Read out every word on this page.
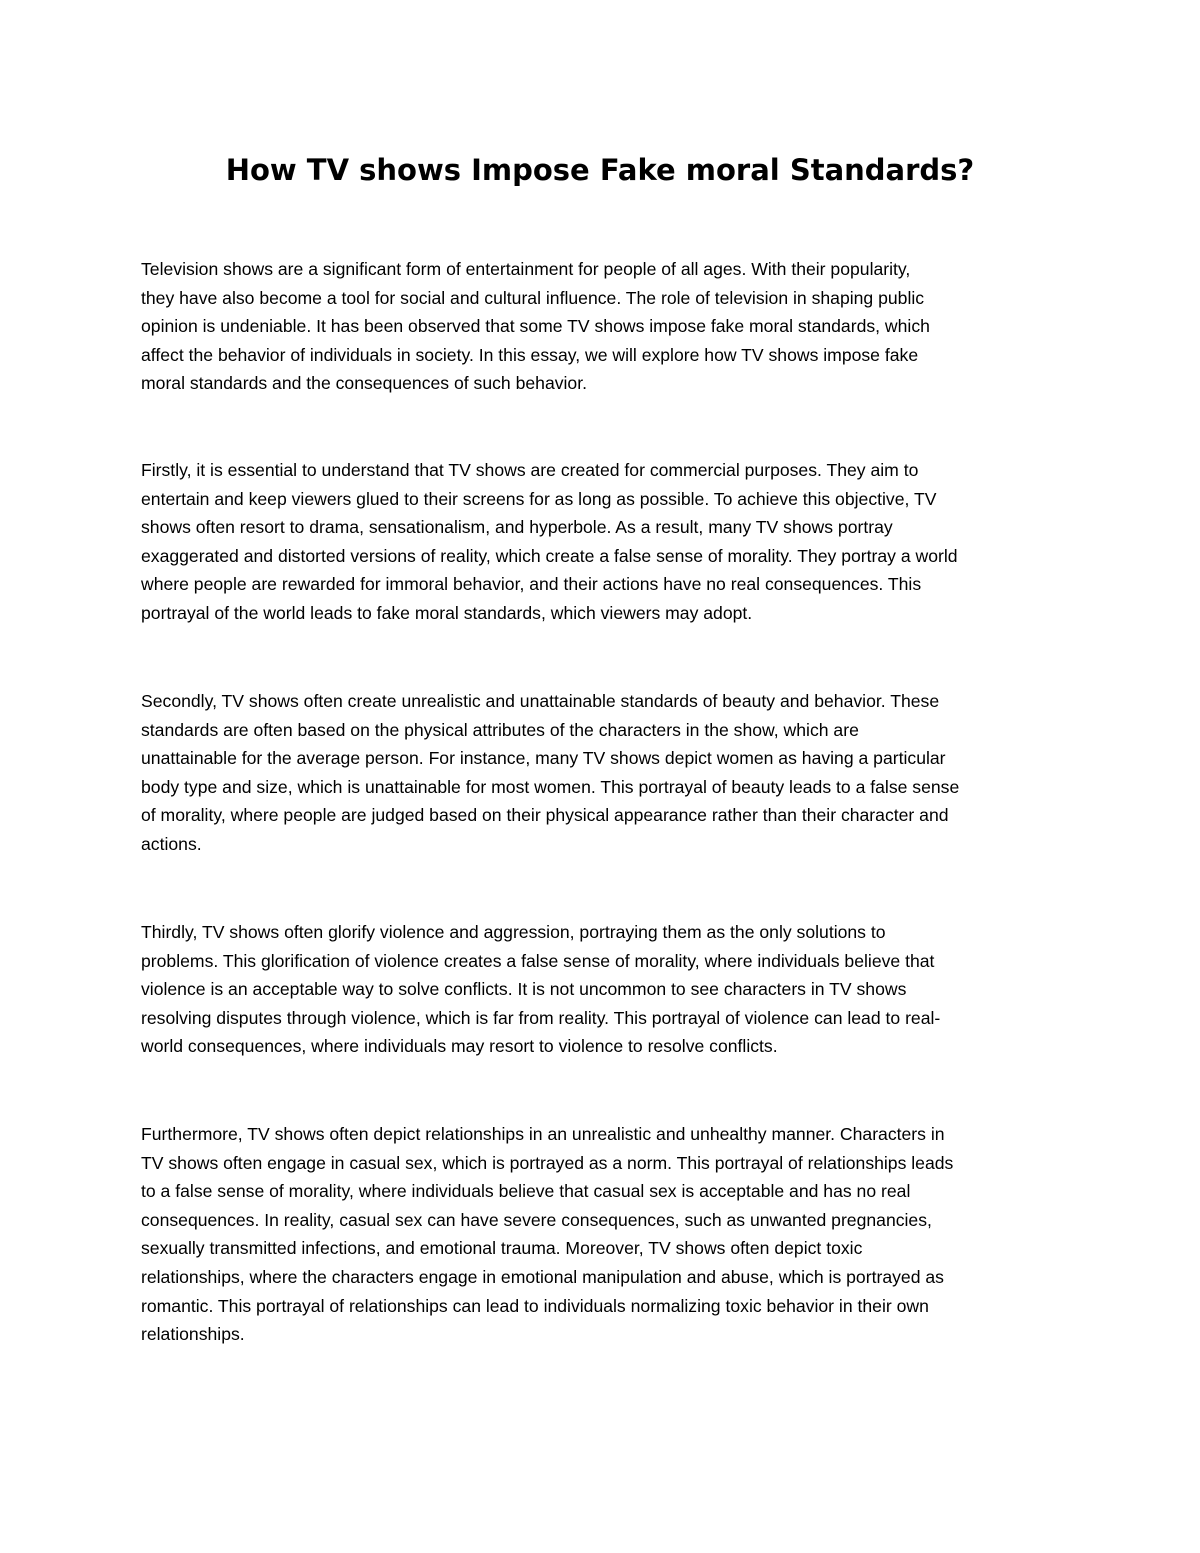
How TV shows Impose Fake moral Standards?

Television shows are a significant form of entertainment for people of all ages. With their popularity,
they have also become a tool for social and cultural influence. The role of television in shaping public
opinion is undeniable. It has been observed that some TV shows impose fake moral standards, which
affect the behavior of individuals in society. In this essay, we will explore how TV shows impose fake
moral standards and the consequences of such behavior.

Firstly, it is essential to understand that TV shows are created for commercial purposes. They aim to
entertain and keep viewers glued to their screens for as long as possible. To achieve this objective, TV
shows often resort to drama, sensationalism, and hyperbole. As a result, many TV shows portray
exaggerated and distorted versions of reality, which create a false sense of morality. They portray a world
where people are rewarded for immoral behavior, and their actions have no real consequences. This
portrayal of the world leads to fake moral standards, which viewers may adopt.

Secondly, TV shows often create unrealistic and unattainable standards of beauty and behavior. These
standards are often based on the physical attributes of the characters in the show, which are
unattainable for the average person. For instance, many TV shows depict women as having a particular
body type and size, which is unattainable for most women. This portrayal of beauty leads to a false sense
of morality, where people are judged based on their physical appearance rather than their character and
actions.

Thirdly, TV shows often glorify violence and aggression, portraying them as the only solutions to
problems. This glorification of violence creates a false sense of morality, where individuals believe that
violence is an acceptable way to solve conflicts. It is not uncommon to see characters in TV shows
resolving disputes through violence, which is far from reality. This portrayal of violence can lead to real-
world consequences, where individuals may resort to violence to resolve conflicts.

Furthermore, TV shows often depict relationships in an unrealistic and unhealthy manner. Characters in
TV shows often engage in casual sex, which is portrayed as a norm. This portrayal of relationships leads
to a false sense of morality, where individuals believe that casual sex is acceptable and has no real
consequences. In reality, casual sex can have severe consequences, such as unwanted pregnancies,
sexually transmitted infections, and emotional trauma. Moreover, TV shows often depict toxic
relationships, where the characters engage in emotional manipulation and abuse, which is portrayed as
romantic. This portrayal of relationships can lead to individuals normalizing toxic behavior in their own
relationships.
